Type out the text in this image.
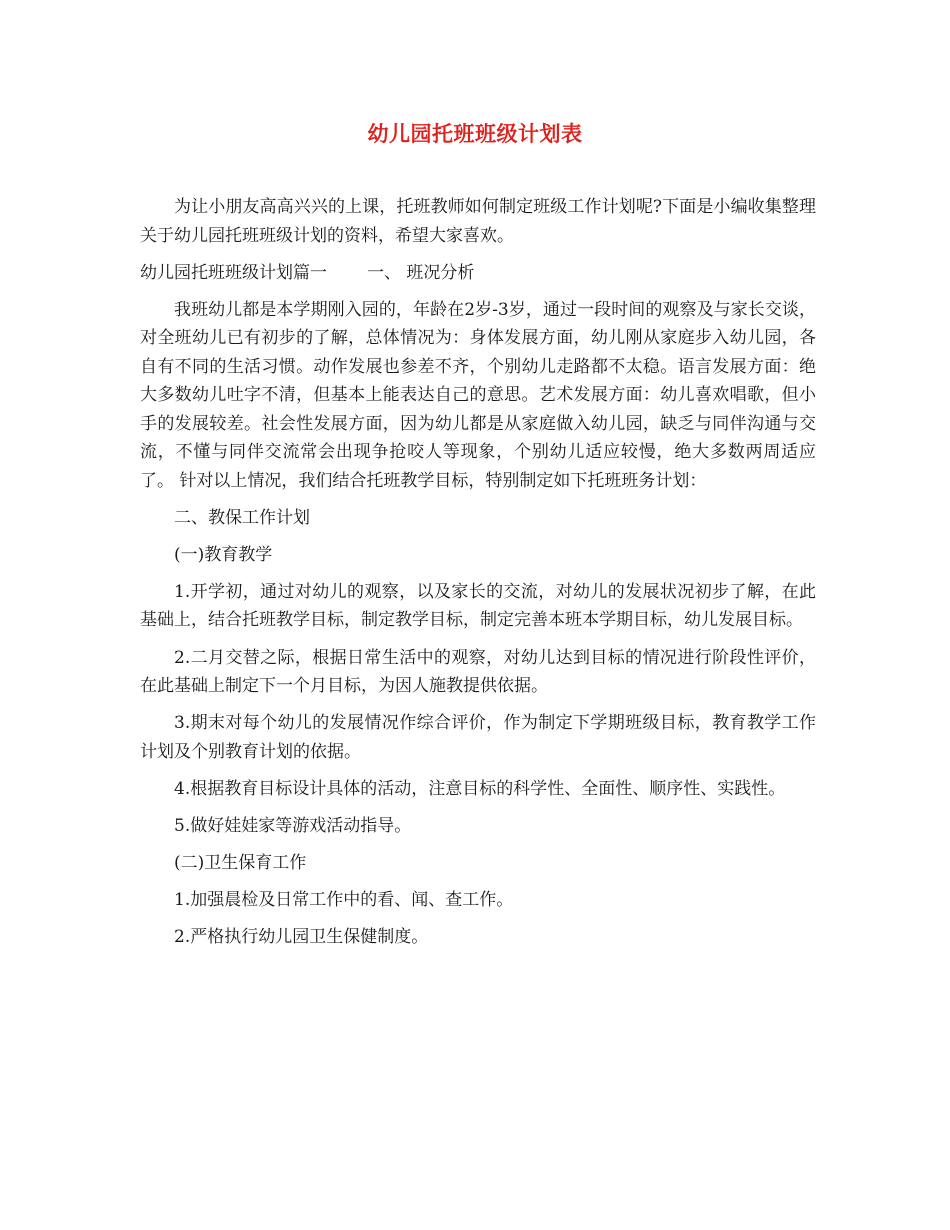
幼儿园托班班级计划表

为让小朋友高高兴兴的上课，托班教师如何制定班级工作计划呢?下面是小编收集整理关于幼儿园托班班级计划的资料，希望大家喜欢。

幼儿园托班班级计划篇一 一、 班况分析

我班幼儿都是本学期刚入园的，年龄在2岁-3岁，通过一段时间的观察及与家长交谈，对全班幼儿已有初步的了解，总体情况为：身体发展方面，幼儿刚从家庭步入幼儿园，各自有不同的生活习惯。动作发展也参差不齐，个别幼儿走路都不太稳。语言发展方面：绝大多数幼儿吐字不清，但基本上能表达自己的意思。艺术发展方面：幼儿喜欢唱歌，但小手的发展较差。社会性发展方面，因为幼儿都是从家庭做入幼儿园，缺乏与同伴沟通与交流，不懂与同伴交流常会出现争抢咬人等现象，个别幼儿适应较慢，绝大多数两周适应了。 针对以上情况，我们结合托班教学目标，特别制定如下托班班务计划：

二、教保工作计划

(一)教育教学

1.开学初，通过对幼儿的观察，以及家长的交流，对幼儿的发展状况初步了解，在此基础上，结合托班教学目标，制定教学目标，制定完善本班本学期目标，幼儿发展目标。

2.二月交替之际，根据日常生活中的观察，对幼儿达到目标的情况进行阶段性评价，在此基础上制定下一个月目标，为因人施教提供依据。

3.期末对每个幼儿的发展情况作综合评价，作为制定下学期班级目标，教育教学工作计划及个别教育计划的依据。

4.根据教育目标设计具体的活动，注意目标的科学性、全面性、顺序性、实践性。

5.做好娃娃家等游戏活动指导。

(二)卫生保育工作

1.加强晨检及日常工作中的看、闻、查工作。

2.严格执行幼儿园卫生保健制度。
